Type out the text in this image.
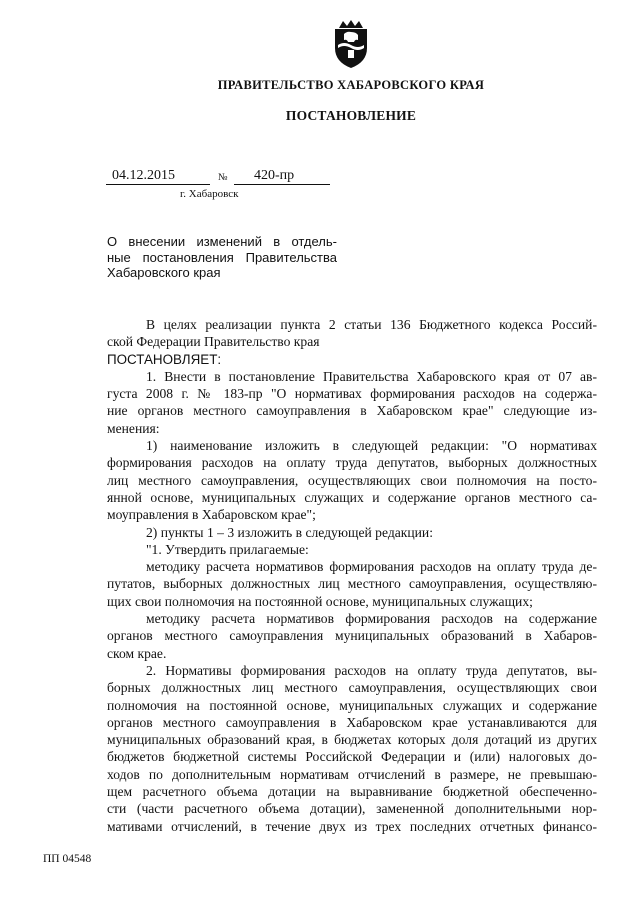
ПРАВИТЕЛЬСТВО ХАБАРОВСКОГО КРАЯ
ПОСТАНОВЛЕНИЕ
04.12.2015	№	420-пр
г. Хабаровск
О внесении изменений в отдель-
ные постановления Правительства
Хабаровского края
В целях реализации пункта 2 статьи 136 Бюджетного кодекса Россий-
ской Федерации Правительство края
ПОСТАНОВЛЯЕТ:
1. Внести в постановление Правительства Хабаровского края от 07 ав-
густа 2008 г. № 183-пр "О нормативах формирования расходов на содержа-
ние органов местного самоуправления в Хабаровском крае" следующие из-
менения:
1) наименование изложить в следующей редакции: "О нормативах
формирования расходов на оплату труда депутатов, выборных должностных
лиц местного самоуправления, осуществляющих свои полномочия на посто-
янной основе, муниципальных служащих и содержание органов местного са-
моуправления в Хабаровском крае";
2) пункты 1 – 3 изложить в следующей редакции:
"1. Утвердить прилагаемые:
методику расчета нормативов формирования расходов на оплату труда де-
путатов, выборных должностных лиц местного самоуправления, осуществляю-
щих свои полномочия на постоянной основе, муниципальных служащих;
методику расчета нормативов формирования расходов на содержание
органов местного самоуправления муниципальных образований в Хабаров-
ском крае.
2. Нормативы формирования расходов на оплату труда депутатов, вы-
борных должностных лиц местного самоуправления, осуществляющих свои
полномочия на постоянной основе, муниципальных служащих и содержание
органов местного самоуправления в Хабаровском крае устанавливаются для
муниципальных образований края, в бюджетах которых доля дотаций из других
бюджетов бюджетной системы Российской Федерации и (или) налоговых до-
ходов по дополнительным нормативам отчислений в размере, не превышаю-
щем расчетного объема дотации на выравнивание бюджетной обеспеченно-
сти (части расчетного объема дотации), замененной дополнительными нор-
мативами отчислений, в течение двух из трех последних отчетных финансо-
ПП 04548
